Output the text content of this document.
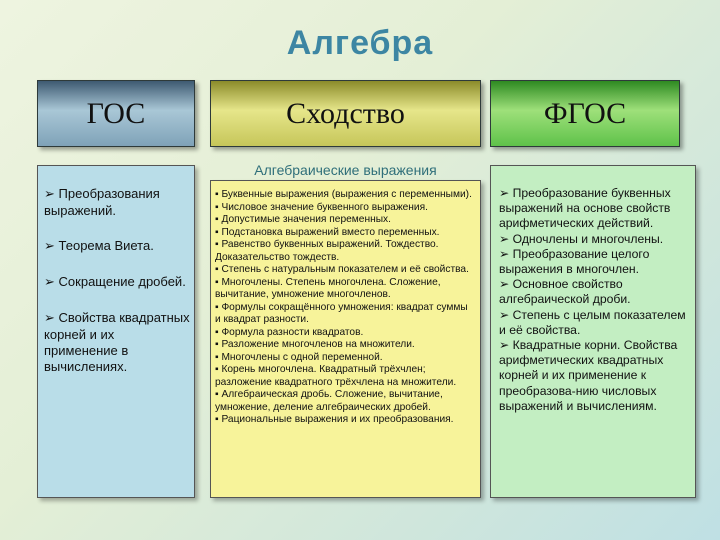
Алгебра
ГОС	Сходство	ФГОС
➢ Преобразования выражений.
➢ Теорема Виета.
➢ Сокращение дробей.
➢ Свойства квадратных корней и их применение в вычислениях.
▪ Буквенные выражения (выражения с переменными).
▪ Числовое значение буквенного выражения.
▪ Допустимые значения переменных.
▪ Подстановка выражений вместо переменных.
▪ Равенство буквенных выражений. Тождество. Доказательство тождеств.
▪ Степень с натуральным показателем и её свойства.
▪ Многочлены. Степень многочлена. Сложение, вычитание, умножение многочленов.
▪ Формулы сокращённого умножения: квадрат суммы и квадрат разности.
▪ Формула разности квадратов.
▪ Разложение многочленов на множители.
▪ Многочлены с одной переменной.
▪ Корень многочлена. Квадратный трёхчлен; разложение квадратного трёхчлена на множители.
▪ Алгебраическая дробь. Сложение, вычитание, умножение, деление алгебраических дробей.
▪ Рациональные выражения и их преобразования.
Алгебраические выражения
➢ Преобразование буквенных выражений на основе свойств арифметических действий.
➢ Одночлены и многочлены.
➢ Преобразование целого выражения в многочлен.
➢ Основное свойство алгебраической дроби.
➢ Степень с целым показателем и её свойства.
➢ Квадратные корни. Свойства арифметических квадратных корней и их применение к преобразова-нию числовых выражений и вычислениям.
